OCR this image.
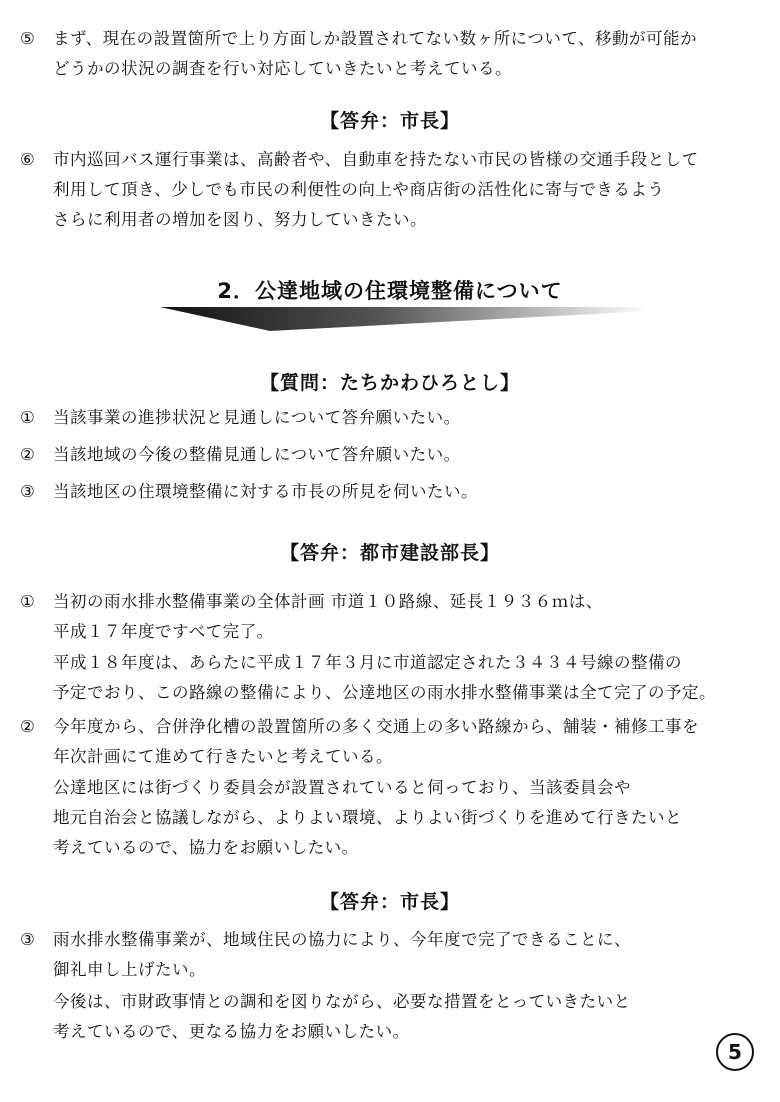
⑤	まず、現在の設置箇所で上り方面しか設置されてない数ヶ所について、移動が可能か
どうかの状況の調査を行い対応していきたいと考えている。
【答弁：市長】
⑥	市内巡回バス運行事業は、高齢者や、自動車を持たない市民の皆様の交通手段として
利用して頂き、少しでも市民の利便性の向上や商店街の活性化に寄与できるよう
さらに利用者の増加を図り、努力していきたい。
2．公達地域の住環境整備について
【質問：たちかわひろとし】
①	当該事業の進捗状況と見通しについて答弁願いたい。
②	当該地域の今後の整備見通しについて答弁願いたい。
③	当該地区の住環境整備に対する市長の所見を伺いたい。
【答弁：都市建設部長】
①	当初の雨水排水整備事業の全体計画 市道１０路線、延長１９３６ｍは、
平成１７年度ですべて完了。
平成１８年度は、あらたに平成１７年３月に市道認定された３４３４号線の整備の
予定でおり、この路線の整備により、公達地区の雨水排水整備事業は全て完了の予定。
②	今年度から、合併浄化槽の設置箇所の多く交通上の多い路線から、舗装・補修工事を
年次計画にて進めて行きたいと考えている。
公達地区には街づくり委員会が設置されていると伺っており、当該委員会や
地元自治会と協議しながら、よりよい環境、よりよい街づくりを進めて行きたいと
考えているので、協力をお願いしたい。
【答弁：市長】
③	雨水排水整備事業が、地域住民の協力により、今年度で完了できることに、
御礼申し上げたい。
今後は、市財政事情との調和を図りながら、必要な措置をとっていきたいと
考えているので、更なる協力をお願いしたい。
5
